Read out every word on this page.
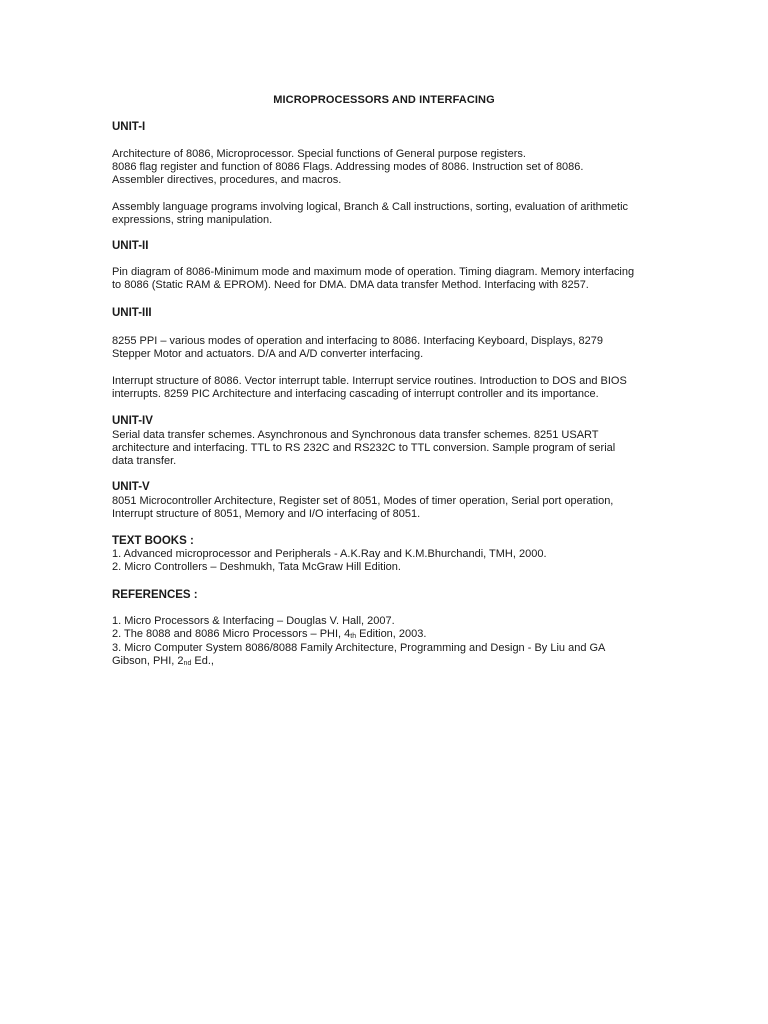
MICROPROCESSORS AND INTERFACING
UNIT-I
Architecture of 8086, Microprocessor. Special functions of General purpose registers.
8086 flag register and function of 8086 Flags. Addressing modes of 8086. Instruction set of 8086.
Assembler directives, procedures, and macros.
Assembly language programs involving logical, Branch & Call instructions, sorting, evaluation of arithmetic
expressions, string manipulation.
UNIT-II
Pin diagram of 8086-Minimum mode and maximum mode of operation. Timing diagram. Memory interfacing
to 8086 (Static RAM & EPROM). Need for DMA. DMA data transfer Method. Interfacing with 8257.
UNIT-III
8255 PPI – various modes of operation and interfacing to 8086. Interfacing Keyboard, Displays, 8279
Stepper Motor and actuators. D/A and A/D converter interfacing.
Interrupt structure of 8086. Vector interrupt table. Interrupt service routines. Introduction to DOS and BIOS
interrupts. 8259 PIC Architecture and interfacing cascading of interrupt controller and its importance.
UNIT-IV
Serial data transfer schemes. Asynchronous and Synchronous data transfer schemes. 8251 USART
architecture and interfacing. TTL to RS 232C and RS232C to TTL conversion. Sample program of serial
data transfer.
UNIT-V
8051 Microcontroller Architecture, Register set of 8051, Modes of timer operation, Serial port operation,
Interrupt structure of 8051, Memory and I/O interfacing of 8051.
TEXT BOOKS :
1. Advanced microprocessor and Peripherals - A.K.Ray and K.M.Bhurchandi, TMH, 2000.
2. Micro Controllers – Deshmukh, Tata McGraw Hill Edition.
REFERENCES :
1. Micro Processors & Interfacing – Douglas V. Hall, 2007.
2. The 8088 and 8086 Micro Processors – PHI, 4th Edition, 2003.
3. Micro Computer System 8086/8088 Family Architecture, Programming and Design - By Liu and GA
Gibson, PHI, 2nd Ed.,
